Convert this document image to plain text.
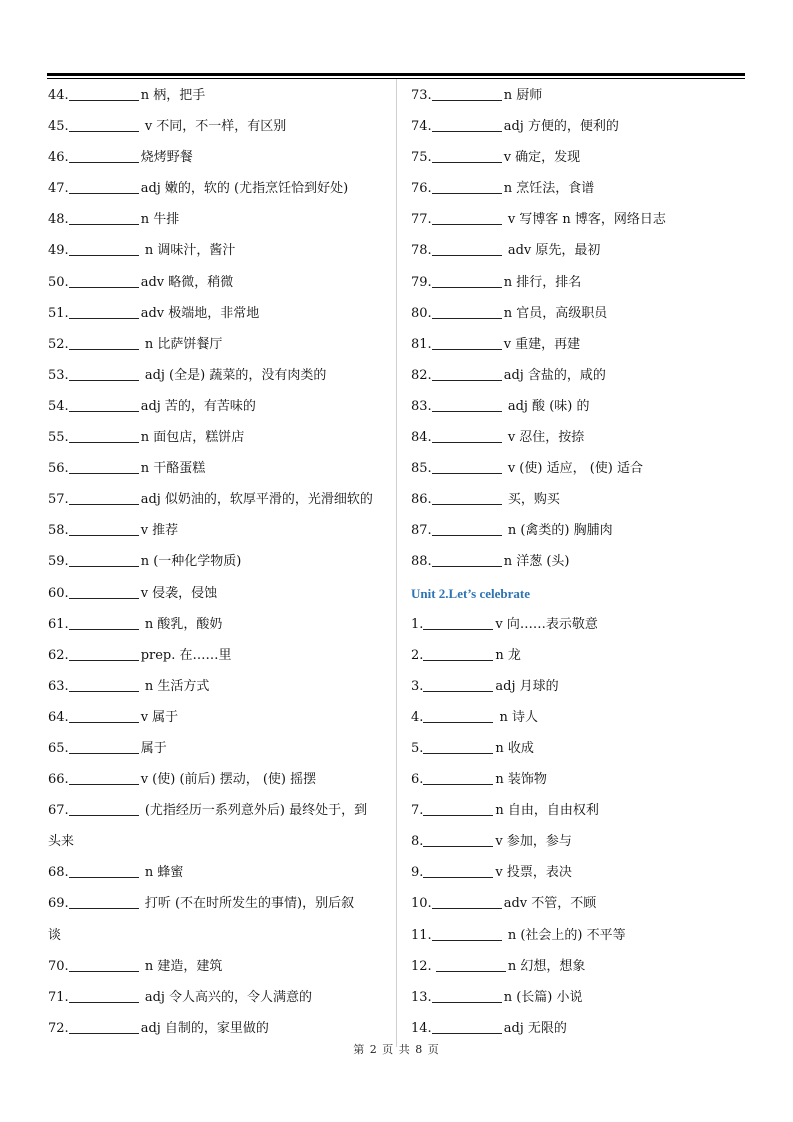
44.	n 柄，把手
45.	v 不同，不一样，有区别
46.	烧烤野餐
47.	adj 嫩的，软的 (尤指烹饪恰到好处)
48.	n 牛排
49.	n 调味汁，酱汁
50.	adv 略微，稍微
51.	adv 极端地，非常地
52.	n 比萨饼餐厅
53.	adj (全是) 蔬菜的，没有肉类的
54.	adj 苦的，有苦味的
55.	n 面包店，糕饼店
56.	n 干酪蛋糕
57.	adj 似奶油的，软厚平滑的，光滑细软的
58.	v 推荐
59.	n (一种化学物质)
60.	v 侵袭，侵蚀
61.	n 酸乳，酸奶
62.	prep. 在……里
63.	n 生活方式
64.	v 属于
65.	属于
66.	v (使) (前后) 摆动， (使) 摇摆
67.	(尤指经历一系列意外后) 最终处于，到
头来
68.	n 蜂蜜
69.	打听 (不在时所发生的事情)，别后叙
谈
70.	n 建造，建筑
71.	adj 令人高兴的，令人满意的
72.	adj 自制的，家里做的
73.	n 厨师
74.	adj 方便的，便利的
75.	v 确定，发现
76.	n 烹饪法，食谱
77.	v 写博客 n 博客，网络日志
78.	adv 原先，最初
79.	n 排行，排名
80.	n 官员，高级职员
81.	v 重建，再建
82.	adj 含盐的，咸的
83.	adj 酸 (味) 的
84.	v 忍住，按捺
85.	v (使) 适应， (使) 适合
86.	买，购买
87.	n (禽类的) 胸脯肉
88.	n 洋葱 (头)
Unit 2.Let’s celebrate
1.	v 向……表示敬意
2.	n 龙
3.	adj 月球的
4.	n 诗人
5.	n 收成
6.	n 装饰物
7.	n 自由，自由权利
8.	v 参加，参与
9.	v 投票，表决
10.	adv 不管，不顾
11.	n (社会上的) 不平等
12.	n 幻想，想象
13.	n (长篇) 小说
14.	adj 无限的
第 2 页 共 8 页
